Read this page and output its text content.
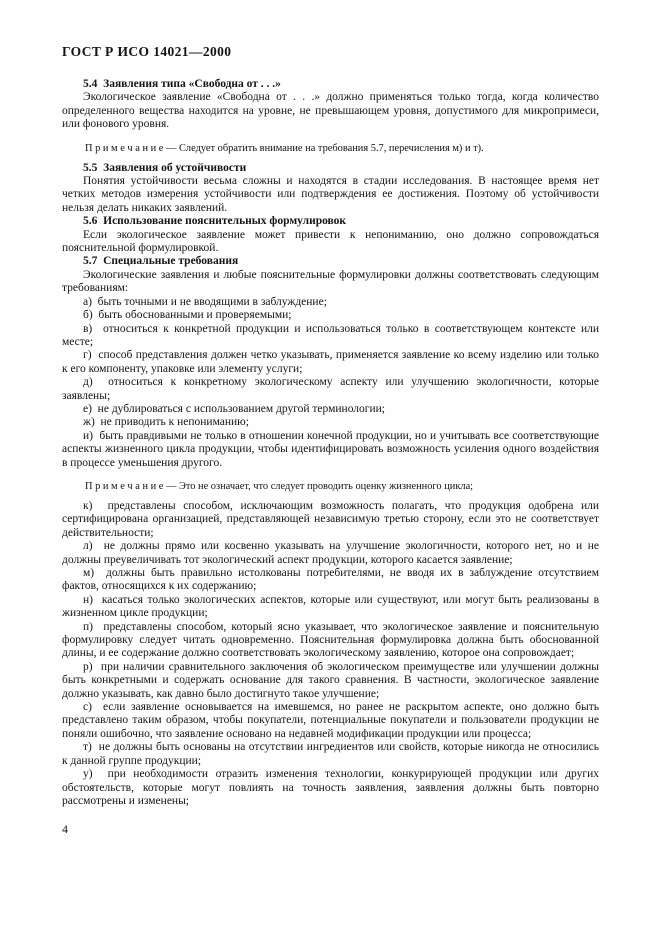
ГОСТ Р ИСО 14021—2000

5.4  Заявления типа «Свободна от . . .»

Экологическое заявление «Свободна от . . .» должно применяться только тогда, когда количество определенного вещества находится на уровне, не превышающем уровня, допустимого для микропримеси, или фонового уровня.

П р и м е ч а н и е — Следует обратить внимание на требования 5.7, перечисления м) и т).

5.5  Заявления об устойчивости

Понятия устойчивости весьма сложны и находятся в стадии исследования. В настоящее время нет четких методов измерения устойчивости или подтверждения ее достижения. Поэтому об устойчивости нельзя делать никаких заявлений.

5.6  Использование пояснительных формулировок

Если экологическое заявление может привести к непониманию, оно должно сопровождаться пояснительной формулировкой.

5.7  Специальные требования

Экологические заявления и любые пояснительные формулировки должны соответствовать следующим требованиям:

а)  быть точными и не вводящими в заблуждение;

б)  быть обоснованными и проверяемыми;

в)  относиться к конкретной продукции и использоваться только в соответствующем контексте или месте;

г)  способ представления должен четко указывать, применяется заявление ко всему изделию или только к его компоненту, упаковке или элементу услуги;

д)  относиться к конкретному экологическому аспекту или улучшению экологичности, которые заявлены;

е)  не дублироваться с использованием другой терминологии;

ж)  не приводить к непониманию;

и)  быть правдивыми не только в отношении конечной продукции, но и учитывать все соответствующие аспекты жизненного цикла продукции, чтобы идентифицировать возможность усиления одного воздействия в процессе уменьшения другого.

П р и м е ч а н и е — Это не означает, что следует проводить оценку жизненного цикла;

к)  представлены способом, исключающим возможность полагать, что продукция одобрена или сертифицирована организацией, представляющей независимую третью сторону, если это не соответствует действительности;

л)  не должны прямо или косвенно указывать на улучшение экологичности, которого нет, но и не должны преувеличивать тот экологический аспект продукции, которого касается заявление;

м)  должны быть правильно истолкованы потребителями, не вводя их в заблуждение отсутствием фактов, относящихся к их содержанию;

н)  касаться только экологических аспектов, которые или существуют, или могут быть реализованы в жизненном цикле продукции;

п)  представлены способом, который ясно указывает, что экологическое заявление и пояснительную формулировку следует читать одновременно. Пояснительная формулировка должна быть обоснованной длины, и ее содержание должно соответствовать экологическому заявлению, которое она сопровождает;

р)  при наличии сравнительного заключения об экологическом преимуществе или улучшении должны быть конкретными и содержать основание для такого сравнения. В частности, экологическое заявление должно указывать, как давно было достигнуто такое улучшение;

с)  если заявление основывается на имевшемся, но ранее не раскрытом аспекте, оно должно быть представлено таким образом, чтобы покупатели, потенциальные покупатели и пользователи продукции не поняли ошибочно, что заявление основано на недавней модификации продукции или процесса;

т)  не должны быть основаны на отсутствии ингредиентов или свойств, которые никогда не относились к данной группе продукции;

у)  при необходимости отразить изменения технологии, конкурирующей продукции или других обстоятельств, которые могут повлиять на точность заявления, заявления должны быть повторно рассмотрены и изменены;

4
